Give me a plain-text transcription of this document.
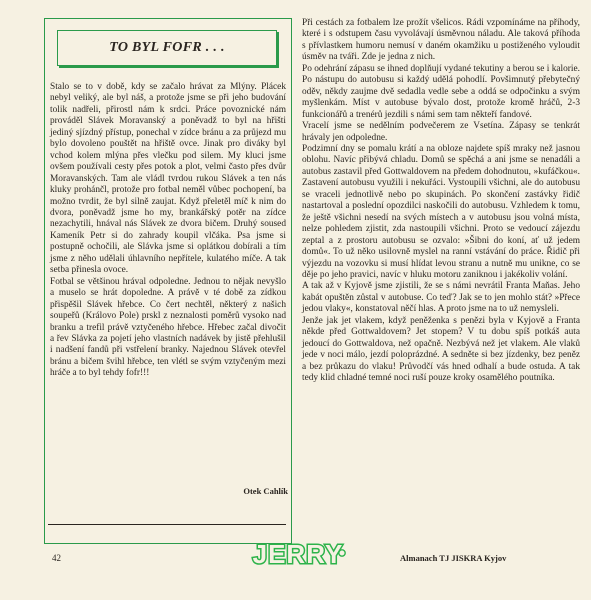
TO BYL FOFR . . .

Stalo se to v době, kdy se začalo hrávat za Mlýny. Plácek nebyl veliký, ale byl náš, a protože jsme se při jeho budování tolik nadřeli, přirostl nám k srdci. Práce povoznické nám prováděl Slávek Moravanský a poněvadž to byl na hřišti jediný sjízdný přístup, ponechal v zídce bránu a za průjezd mu bylo dovoleno pouštět na hřiště ovce. Jinak pro diváky byl vchod kolem mlýna přes vlečku pod silem. My kluci jsme ovšem používali cesty přes potok a plot, velmi často přes dvůr Moravanských. Tam ale vládl tvrdou rukou Slávek a ten nás kluky prohánčl, protože pro fotbal neměl vůbec pochopení, ba možno tvrdit, že byl silně zaujat. Když přeletěl míč k nim do dvora, poněvadž jsme ho my, brankářský potěr na zídce nezachytili, hnával nás Slávek ze dvora bičem. Druhý soused Kameník Petr si do zahrady koupil vlčáka. Psa jsme si postupně ochočili, ale Slávka jsme si oplátkou dobírali a tím jsme z něho udělali úhlavního nepřítele, kulatého míče. A tak setba přinesla ovoce.

Fotbal se většinou hrával odpoledne. Jednou to nějak nevyšlo a muselo se hrát dopoledne. A právě v té době za zídkou přispěšil Slávek hřebce. Co čert nechtěl, některý z našich soupeřů (Královo Pole) prskl z neznalosti poměrů vysoko nad branku a trefil právě vztyčeného hřebce. Hřebec začal divočit a řev Slávka za pojetí jeho vlastních nadávek by jistě přehlušil i nadšení fandů při vstřelení branky. Najednou Slávek otevřel bránu a bičem švihl hřebce, ten vlétl se svým vztyčeným mezi hráče a to byl tehdy fofr!!!

Otek Cahlík

Při cestách za fotbalem lze prožít všelicos. Rádi vzpomínáme na příhody, které i s odstupem času vyvolávají úsměvnou náladu. Ale taková příhoda s přívlastkem humoru nemusí v daném okamžiku u postiženého vyloudit úsměv na tváři. Zde je jedna z nich.

Po odehrání zápasu se ihned doplňují vydané tekutiny a berou se i kalorie. Po nástupu do autobusu si každý udělá pohodlí. Povšimnutý přebytečný oděv, někdy zaujme dvě sedadla vedle sebe a oddá se odpočinku a svým myšlenkám. Míst v autobuse bývalo dost, protože kromě hráčů, 2-3 funkcionářů a trenérů jezdili s námi sem tam někteří fandové.

Vracelí jsme se nedělním podvečerem ze Vsetína. Zápasy se tenkrát hrávaly jen odpoledne.

Podzimní dny se pomalu krátí a na obloze najdete spíš mraky než jasnou oblohu. Navíc přibývá chladu. Domů se spěchá a ani jsme se nenadáli a autobus zastavil před Gottwaldovem na předem dohodnutou, »kufáčkou«. Zastavení autobusu využili i nekuřáci. Vystoupili všichni, ale do autobusu se vraceli jednotlivě nebo po skupinách. Po skončení zastávky řidič nastartoval a poslední opozdilci naskočili do autobusu. Vzhledem k tomu, že ještě všichni nesedí na svých místech a v autobusu jsou volná místa, nelze pohledem zjistit, zda nastoupili všichni. Proto se vedoucí zájezdu zeptal a z prostoru autobusu se ozvalo: »Šibni do koní, ať už jedem domů«. To už něko usilovně myslel na ranní vstávání do práce. Řidič při výjezdu na vozovku si musí hlídat levou stranu a nutně mu unikne, co se děje po jeho pravici, navíc v hluku motoru zaniknou i jakékoliv volání.

A tak až v Kyjově jsme zjistili, že se s námi nevrátil Franta Maňas. Jeho kabát opuštěn zůstal v autobuse. Co teď? Jak se to jen mohlo stát? »Přece jedou vlaky«, konstatoval něčí hlas. A proto jsme na to už nemysleli.

Jenže jak jet vlakem, když peněženka s penězi byla v Kyjově a Franta někde před Gottwaldovem? Jet stopem? V tu dobu spíš potkáš auta jedoucí do Gottwaldova, než opačně. Nezbývá než jet vlakem. Ale vlaků jede v noci málo, jezdí poloprázdné. A sedněte si bez jízdenky, bez peněz a bez průkazu do vlaku! Průvodčí vás hned odhalí a bude ostuda. A tak tedy klid chladné temné noci ruší pouze kroky osamělého poutníka.

42	JERRY	Almanach TJ JISKRA Kyjov
